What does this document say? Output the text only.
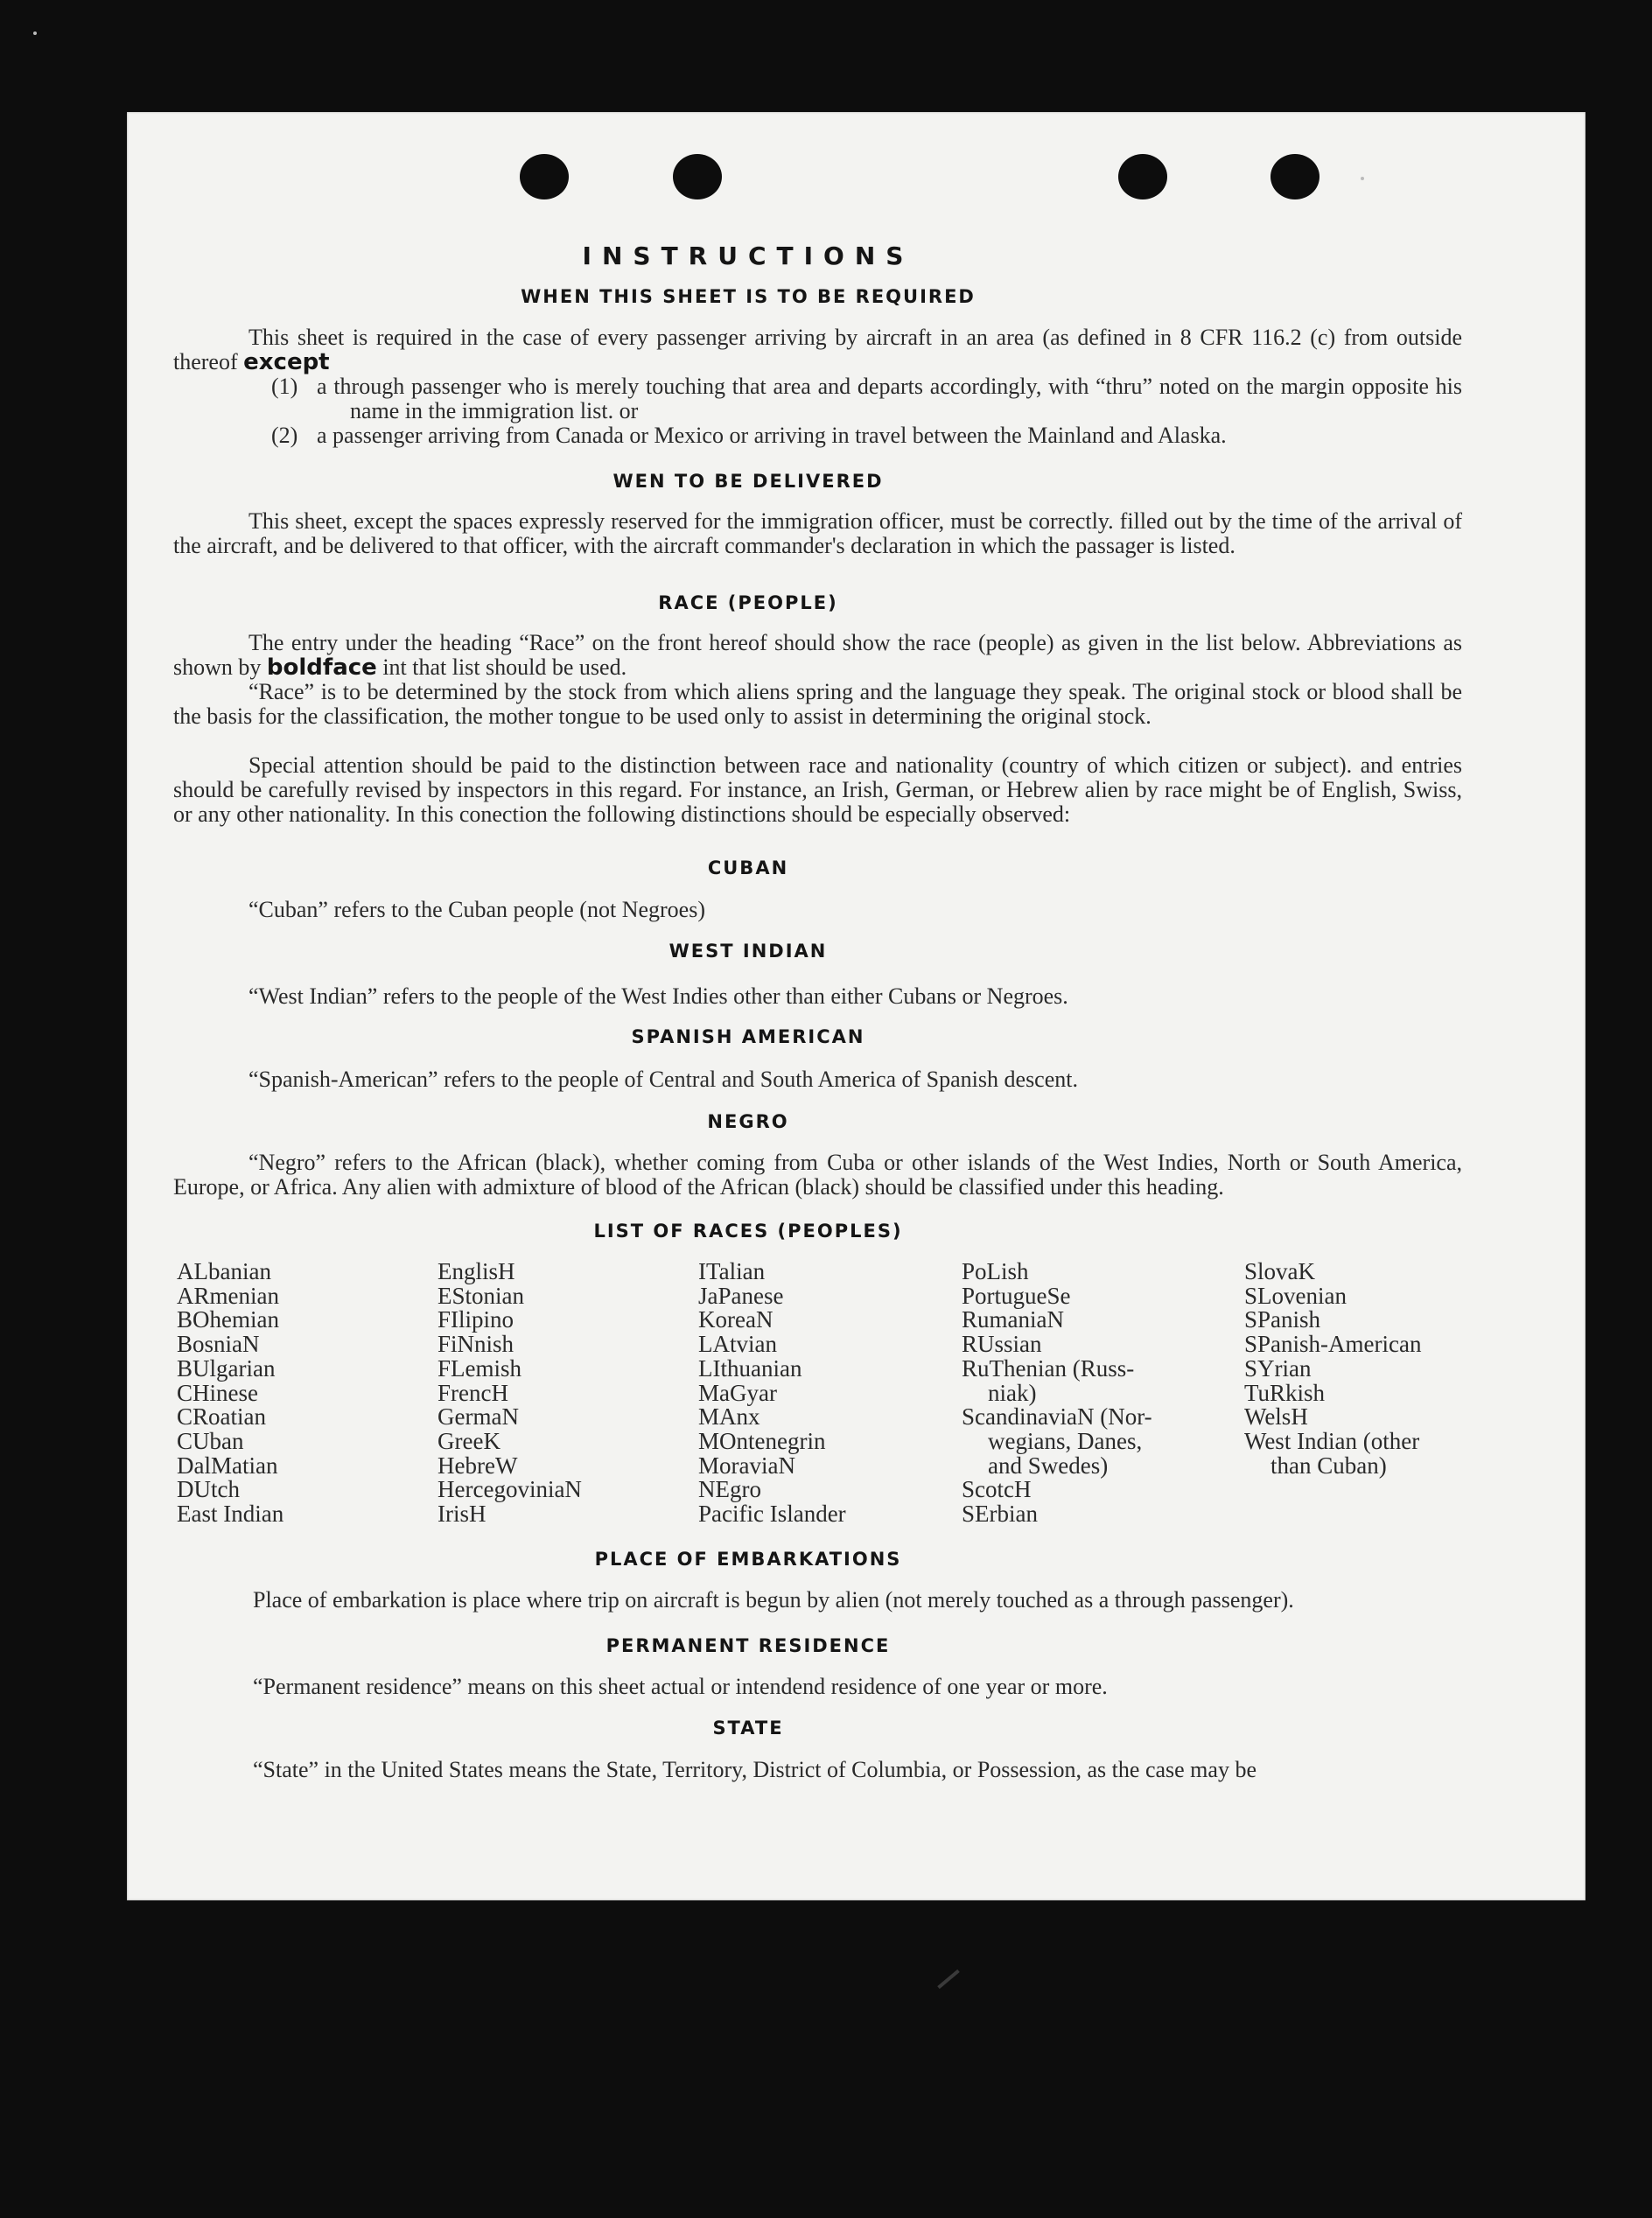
INSTRUCTIONS
WHEN THIS SHEET IS TO BE REQUIRED

This sheet is required in the case of every passenger arriving by aircraft in an area (as defined in 8 CFR 116.2 (c) from outside thereof except

(1) a through passenger who is merely touching that area and departs accordingly, with “thru” noted on the margin opposite his name in the immigration list. or
(2) a passenger arriving from Canada or Mexico or arriving in travel between the Mainland and Alaska.
WEN TO BE DELIVERED

This sheet, except the spaces expressly reserved for the immigration officer, must be correctly. filled out by the time of the arrival of the aircraft, and be delivered to that officer, with the aircraft commander's declaration in which the passager is listed.

RACE (PEOPLE)

The entry under the heading “Race” on the front hereof should show the race (people) as given in the list below. Abbreviations as shown by boldface int that list should be used.

“Race” is to be determined by the stock from which aliens spring and the language they speak. The original stock or blood shall be the basis for the classification, the mother tongue to be used only to assist in determining the original stock.

Special attention should be paid to the distinction between race and nationality (country of which citizen or subject). and entries should be carefully revised by inspectors in this regard. For instance, an Irish, German, or Hebrew alien by race might be of English, Swiss, or any other nationality. In this conection the following distinctions should be especially observed:

CUBAN

“Cuban” refers to the Cuban people (not Negroes)

WEST INDIAN

“West Indian” refers to the people of the West Indies other than either Cubans or Negroes.

SPANISH AMERICAN

“Spanish-American” refers to the people of Central and South America of Spanish descent.

NEGRO

“Negro” refers to the African (black), whether coming from Cuba or other islands of the West Indies, North or South America, Europe, or Africa. Any alien with admixture of blood of the African (black) should be classified under this heading.

LIST OF RACES (PEOPLES)
ALbanian
ARmenian
BOhemian
BosniaN
BUlgarian
CHinese
CRoatian
CUban
DalMatian
DUtch
East Indian
EnglisH
EStonian
FIlipino
FiNnish
FLemish
FrencH
GermaN
GreeK
HebreW
HercegoviniaN
IrisH
ITalian
JaPanese
KoreaN
LAtvian
LIthuanian
MaGyar
MAnx
MOntenegrin
MoraviaN
NEgro
Pacific Islander
PoLish
PortugueSe
RumaniaN
RUssian
RuThenian (Russ-
niak)
ScandinaviaN (Nor-
wegians, Danes,
and Swedes)
ScotcH
SErbian
SlovaK
SLovenian
SPanish
SPanish-American
SYrian
TuRkish
WelsH
West Indian (other
than Cuban)
PLACE OF EMBARKATIONS

Place of embarkation is place where trip on aircraft is begun by alien (not merely touched as a through passenger).

PERMANENT RESIDENCE

“Permanent residence” means on this sheet actual or intendend residence of one year or more.

STATE

“State” in the United States means the State, Territory, District of Columbia, or Possession, as the case may be
